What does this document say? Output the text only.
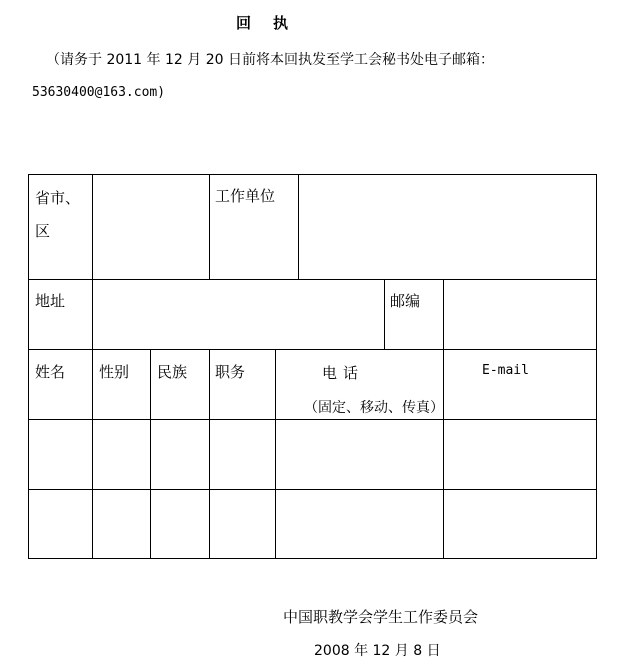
回执
（请务于 2011 年 12 月 20 日前将本回执发至学工会秘书处电子邮箱：
53630400@163.com)
省市、
区
工作单位
地址	邮编
姓名 性别 民族 职务	电话
（固定、移动、传真）
E-mail
中国职教学会学生工作委员会
2008 年 12 月 8 日
